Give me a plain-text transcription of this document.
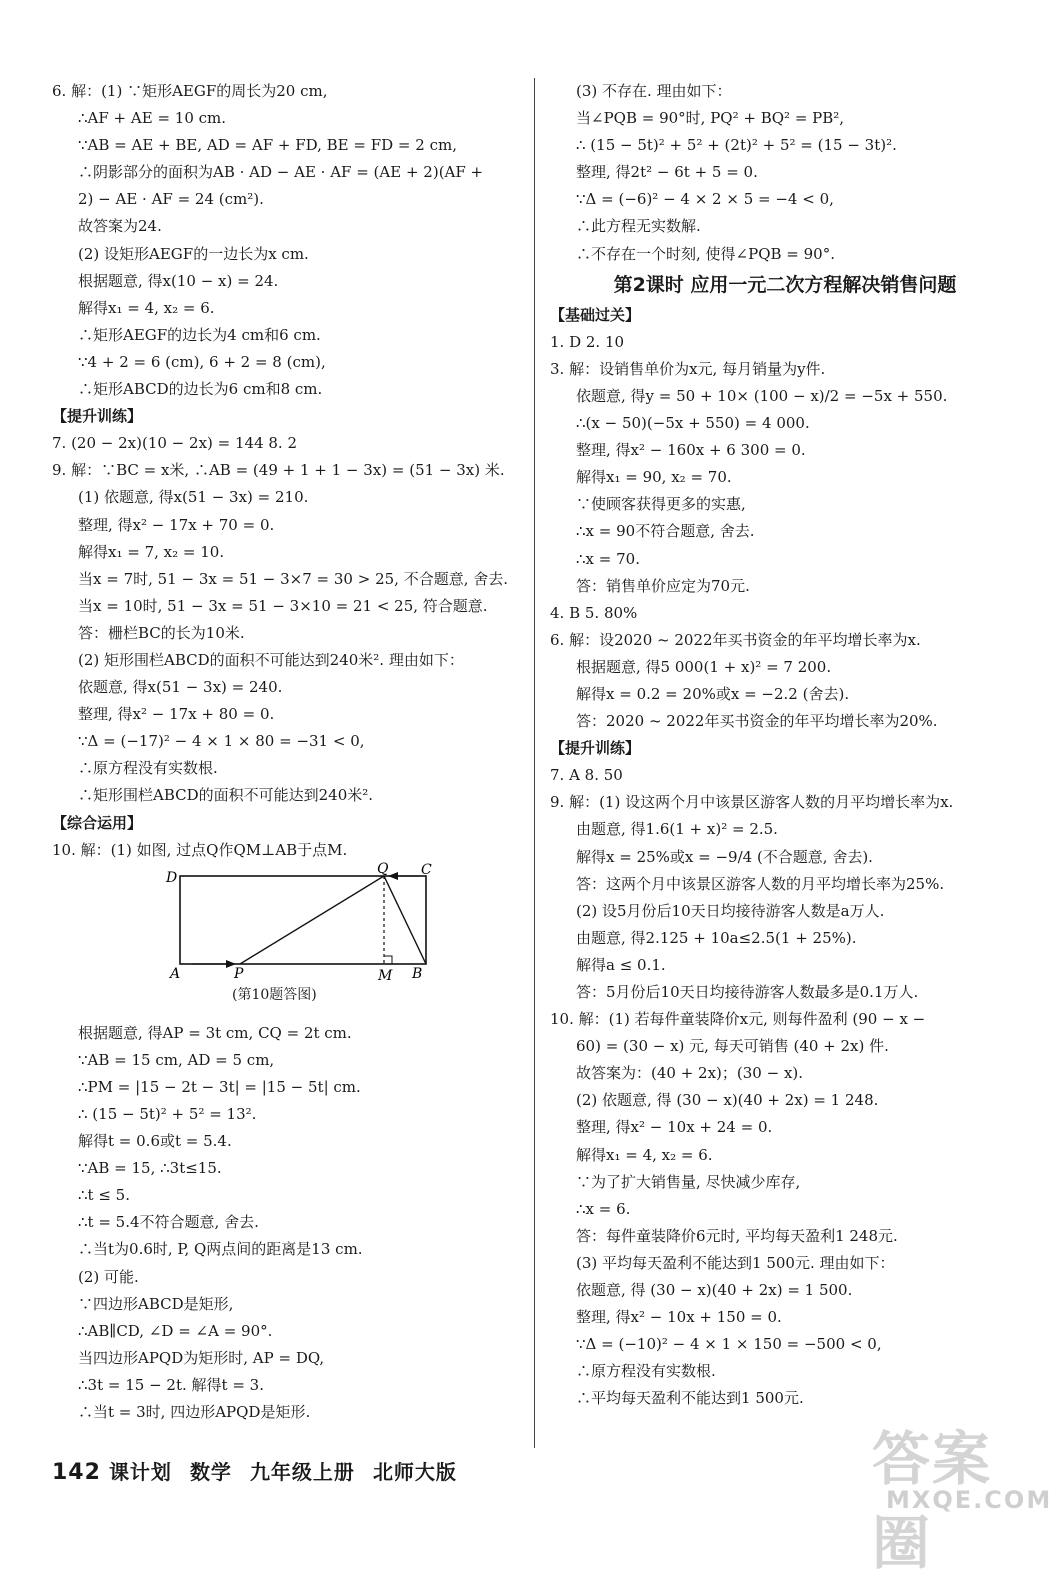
6. 解：(1) ∵矩形AEGF的周长为20 cm,
∴AF + AE = 10 cm.
∵AB = AE + BE, AD = AF + FD, BE = FD = 2 cm,
∴阴影部分的面积为AB · AD − AE · AF = (AE + 2)(AF +
2) − AE · AF = 24 (cm²).
故答案为24.
(2) 设矩形AEGF的一边长为x cm.
根据题意, 得x(10 − x) = 24.
解得x₁ = 4, x₂ = 6.
∴矩形AEGF的边长为4 cm和6 cm.
∵4 + 2 = 6 (cm), 6 + 2 = 8 (cm),
∴矩形ABCD的边长为6 cm和8 cm.
【提升训练】
7. (20 − 2x)(10 − 2x) = 144 8. 2
9. 解：∵BC = x米, ∴AB = (49 + 1 + 1 − 3x) = (51 − 3x) 米.
(1) 依题意, 得x(51 − 3x) = 210.
整理, 得x² − 17x + 70 = 0.
解得x₁ = 7, x₂ = 10.
当x = 7时, 51 − 3x = 51 − 3×7 = 30 > 25, 不合题意, 舍去.
当x = 10时, 51 − 3x = 51 − 3×10 = 21 < 25, 符合题意.
答：栅栏BC的长为10米.
(2) 矩形围栏ABCD的面积不可能达到240米². 理由如下：
依题意, 得x(51 − 3x) = 240.
整理, 得x² − 17x + 80 = 0.
∵Δ = (−17)² − 4 × 1 × 80 = −31 < 0,
∴原方程没有实数根.
∴矩形围栏ABCD的面积不可能达到240米².
【综合运用】
10. 解：(1) 如图, 过点Q作QM⊥AB于点M.
D
Q C
A	P	M B
(第10题答图)
根据题意, 得AP = 3t cm, CQ = 2t cm.
∵AB = 15 cm, AD = 5 cm,
∴PM = |15 − 2t − 3t| = |15 − 5t| cm.
∴ (15 − 5t)² + 5² = 13².
解得t = 0.6或t = 5.4.
∵AB = 15, ∴3t≤15.
∴t ≤ 5.
∴t = 5.4不符合题意, 舍去.
∴当t为0.6时, P, Q两点间的距离是13 cm.
(2) 可能.
∵四边形ABCD是矩形,
∴AB∥CD, ∠D = ∠A = 90°.
当四边形APQD为矩形时, AP = DQ,
∴3t = 15 − 2t. 解得t = 3.
∴当t = 3时, 四边形APQD是矩形.
(3) 不存在. 理由如下：
当∠PQB = 90°时, PQ² + BQ² = PB²,
∴ (15 − 5t)² + 5² + (2t)² + 5² = (15 − 3t)².
整理, 得2t² − 6t + 5 = 0.
∵Δ = (−6)² − 4 × 2 × 5 = −4 < 0,
∴此方程无实数解.
∴不存在一个时刻, 使得∠PQB = 90°.
第2课时 应用一元二次方程解决销售问题
【基础过关】
1. D 2. 10
3. 解：设销售单价为x元, 每月销量为y件.
依题意, 得y = 50 + 10× (100 − x)/2 = −5x + 550.
∴(x − 50)(−5x + 550) = 4 000.
整理, 得x² − 160x + 6 300 = 0.
解得x₁ = 90, x₂ = 70.
∵使顾客获得更多的实惠,
∴x = 90不符合题意, 舍去.
∴x = 70.
答：销售单价应定为70元.
4. B 5. 80%
6. 解：设2020 ~ 2022年买书资金的年平均增长率为x.
根据题意, 得5 000(1 + x)² = 7 200.
解得x = 0.2 = 20%或x = −2.2 (舍去).
答：2020 ~ 2022年买书资金的年平均增长率为20%.
【提升训练】
7. A 8. 50
9. 解：(1) 设这两个月中该景区游客人数的月平均增长率为x.
由题意, 得1.6(1 + x)² = 2.5.
解得x = 25%或x = −9/4 (不合题意, 舍去).
答：这两个月中该景区游客人数的月平均增长率为25%.
(2) 设5月份后10天日均接待游客人数是a万人.
由题意, 得2.125 + 10a≤2.5(1 + 25%).
解得a ≤ 0.1.
答：5月份后10天日均接待游客人数最多是0.1万人.
10. 解：(1) 若每件童装降价x元, 则每件盈利 (90 − x −
60) = (30 − x) 元, 每天可销售 (40 + 2x) 件.
故答案为：(40 + 2x)；(30 − x).
(2) 依题意, 得 (30 − x)(40 + 2x) = 1 248.
整理, 得x² − 10x + 24 = 0.
解得x₁ = 4, x₂ = 6.
∵为了扩大销售量, 尽快减少库存,
∴x = 6.
答：每件童装降价6元时, 平均每天盈利1 248元.
(3) 平均每天盈利不能达到1 500元. 理由如下：
依题意, 得 (30 − x)(40 + 2x) = 1 500.
整理, 得x² − 10x + 150 = 0.
∵Δ = (−10)² − 4 × 1 × 150 = −500 < 0,
∴原方程没有实数根.
∴平均每天盈利不能达到1 500元.
142 课计划 数学 九年级上册 北师大版	答案圈
MXQE.COM
